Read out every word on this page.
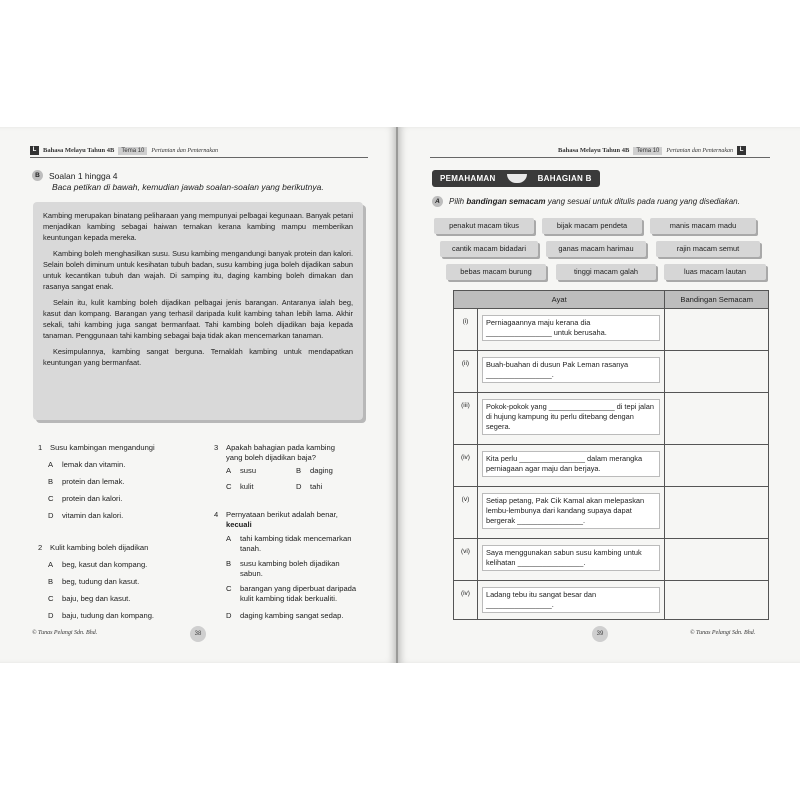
L	Bahasa Melayu Tahun 4B	Tema 10	Pertanian dan Penternakan
B	Soalan 1 hingga 4
Baca petikan di bawah, kemudian jawab soalan-soalan yang berikutnya.

Kambing merupakan binatang peliharaan yang mempunyai pelbagai kegunaan. Banyak petani menjadikan kambing sebagai haiwan ternakan kerana kambing mampu memberikan keuntungan kepada mereka.

Kambing boleh menghasilkan susu. Susu kambing mengandungi banyak protein dan kalori. Selain boleh diminum untuk kesihatan tubuh badan, susu kambing juga boleh dijadikan sabun untuk kecantikan tubuh dan wajah. Di samping itu, daging kambing boleh dimakan dan rasanya sangat enak.

Selain itu, kulit kambing boleh dijadikan pelbagai jenis barangan. Antaranya ialah beg, kasut dan kompang. Barangan yang terhasil daripada kulit kambing tahan lebih lama. Akhir sekali, tahi kambing juga sangat bermanfaat. Tahi kambing boleh dijadikan baja kepada tanaman. Penggunaan tahi kambing sebagai baja tidak akan mencemarkan tanaman.

Kesimpulannya, kambing sangat berguna. Ternaklah kambing untuk mendapatkan keuntungan yang bermanfaat.

1 Susu kambingan mengandungi
A lemak dan vitamin.
B protein dan lemak.
C protein dan kalori.
D vitamin dan kalori.
2 Kulit kambing boleh dijadikan
A beg, kasut dan kompang.
B beg, tudung dan kasut.
C baju, beg dan kasut.
D baju, tudung dan kompang.
3 Apakah bahagian pada kambing
yang boleh dijadikan baja?
A susu	B daging
C kulit	D tahi
4 Pernyataan berikut adalah benar,
kecuali
A tahi kambing tidak mencemarkan
tanah.
B susu kambing boleh dijadikan
sabun.
C barangan yang diperbuat daripada
kulit kambing tidak berkualiti.
D daging kambing sangat sedap.
© Tunas Pelangi Sdn. Bhd.	38
Bahasa Melayu Tahun 4B	Tema 10	Pertanian dan Penternakan	L
PEMAHAMAN	BAHAGIAN B
A	Pilih bandingan semacam yang sesuai untuk ditulis pada ruang yang disediakan.
penakut macam tikus	bijak macam pendeta	manis macam madu
cantik macam bidadari	ganas macam harimau	rajin macam semut
bebas macam burung	tinggi macam galah	luas macam lautan
Ayat		Bandingan Semacam
(i)	Perniagaannya maju kerana dia ________________ untuk berusaha.	

(ii)	Buah-buahan di dusun Pak Leman rasanya ________________.	

(iii)	Pokok-pokok yang ________________ di tepi jalan di hujung kampung itu perlu ditebang dengan segera.	

(iv)	Kita perlu ________________ dalam merangka perniagaan agar maju dan berjaya.	

(v)	Setiap petang, Pak Cik Kamal akan melepaskan lembu-lembunya dari kandang supaya dapat bergerak ________________.	

(vi)	Saya menggunakan sabun susu kambing untuk kelihatan ________________.	

(iv)	Ladang tebu itu sangat besar dan ________________.	

39	© Tunas Pelangi Sdn. Bhd.
